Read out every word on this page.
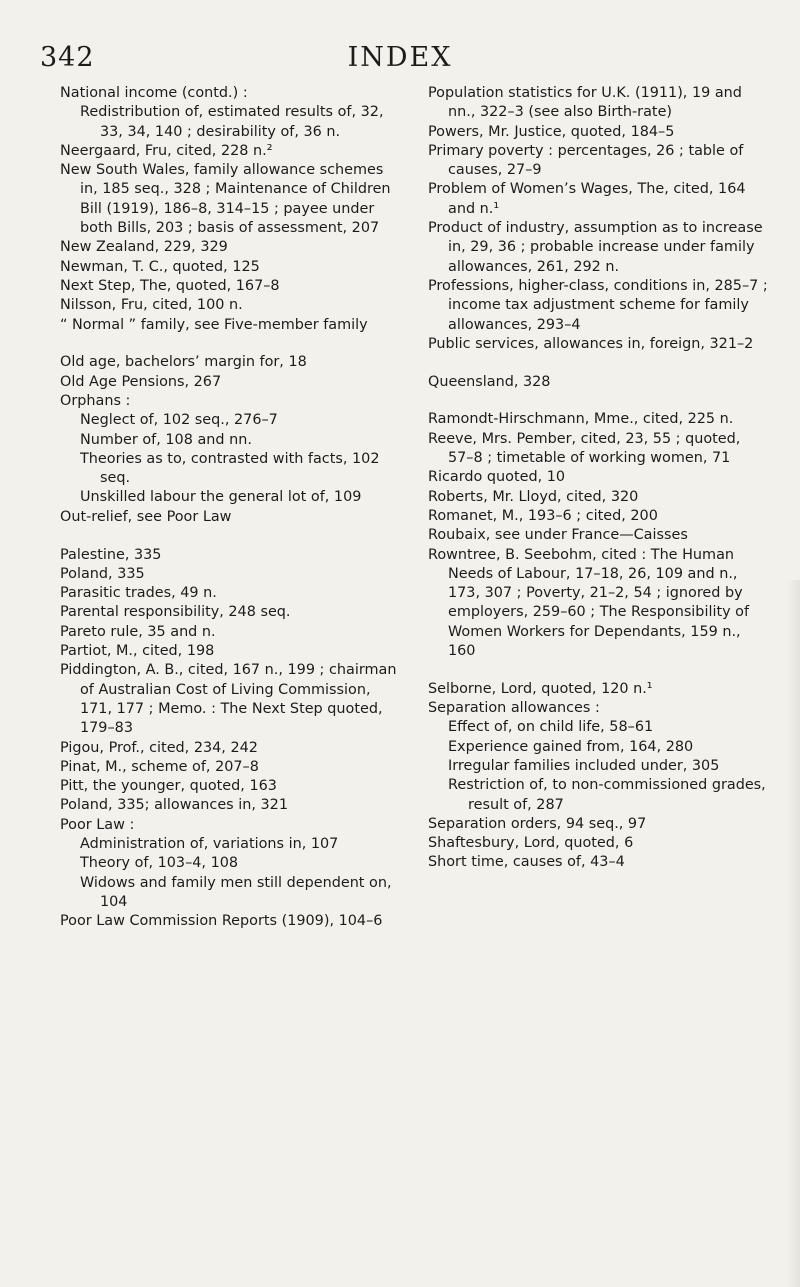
342	INDEX
National income (contd.) :
Redistribution of, estimated results of, 32, 33, 34, 140 ; desirability of, 36 n.
Neergaard, Fru, cited, 228 n.²
New South Wales, family allowance schemes in, 185 seq., 328 ; Maintenance of Children Bill (1919), 186–8, 314–15 ; payee under both Bills, 203 ; basis of assessment, 207
New Zealand, 229, 329
Newman, T. C., quoted, 125
Next Step, The, quoted, 167–8
Nilsson, Fru, cited, 100 n.
“ Normal ” family, see Five-member family
Old age, bachelors’ margin for, 18
Old Age Pensions, 267
Orphans :
Neglect of, 102 seq., 276–7
Number of, 108 and nn.
Theories as to, contrasted with facts, 102 seq.
Unskilled labour the general lot of, 109
Out-relief, see Poor Law
Palestine, 335
Poland, 335
Parasitic trades, 49 n.
Parental responsibility, 248 seq.
Pareto rule, 35 and n.
Partiot, M., cited, 198
Piddington, A. B., cited, 167 n., 199 ; chairman of Australian Cost of Living Commission, 171, 177 ; Memo. : The Next Step quoted, 179–83
Pigou, Prof., cited, 234, 242
Pinat, M., scheme of, 207–8
Pitt, the younger, quoted, 163
Poland, 335; allowances in, 321
Poor Law :
Administration of, variations in, 107
Theory of, 103–4, 108
Widows and family men still dependent on, 104
Poor Law Commission Reports (1909), 104–6
Population statistics for U.K. (1911), 19 and nn., 322–3 (see also Birth-rate)
Powers, Mr. Justice, quoted, 184–5
Primary poverty : percentages, 26 ; table of causes, 27–9
Problem of Women’s Wages, The, cited, 164 and n.¹
Product of industry, assumption as to increase in, 29, 36 ; probable increase under family allowances, 261, 292 n.
Professions, higher-class, conditions in, 285–7 ; income tax adjustment scheme for family allowances, 293–4
Public services, allowances in, foreign, 321–2
Queensland, 328
Ramondt-Hirschmann, Mme., cited, 225 n.
Reeve, Mrs. Pember, cited, 23, 55 ; quoted, 57–8 ; timetable of working women, 71
Ricardo quoted, 10
Roberts, Mr. Lloyd, cited, 320
Romanet, M., 193–6 ; cited, 200
Roubaix, see under France—Caisses
Rowntree, B. Seebohm, cited : The Human Needs of Labour, 17–18, 26, 109 and n., 173, 307 ; Poverty, 21–2, 54 ; ignored by employers, 259–60 ; The Responsibility of Women Workers for Dependants, 159 n., 160
Selborne, Lord, quoted, 120 n.¹
Separation allowances :
Effect of, on child life, 58–61
Experience gained from, 164, 280
Irregular families included under, 305
Restriction of, to non-commissioned grades, result of, 287
Separation orders, 94 seq., 97
Shaftesbury, Lord, quoted, 6
Short time, causes of, 43–4
